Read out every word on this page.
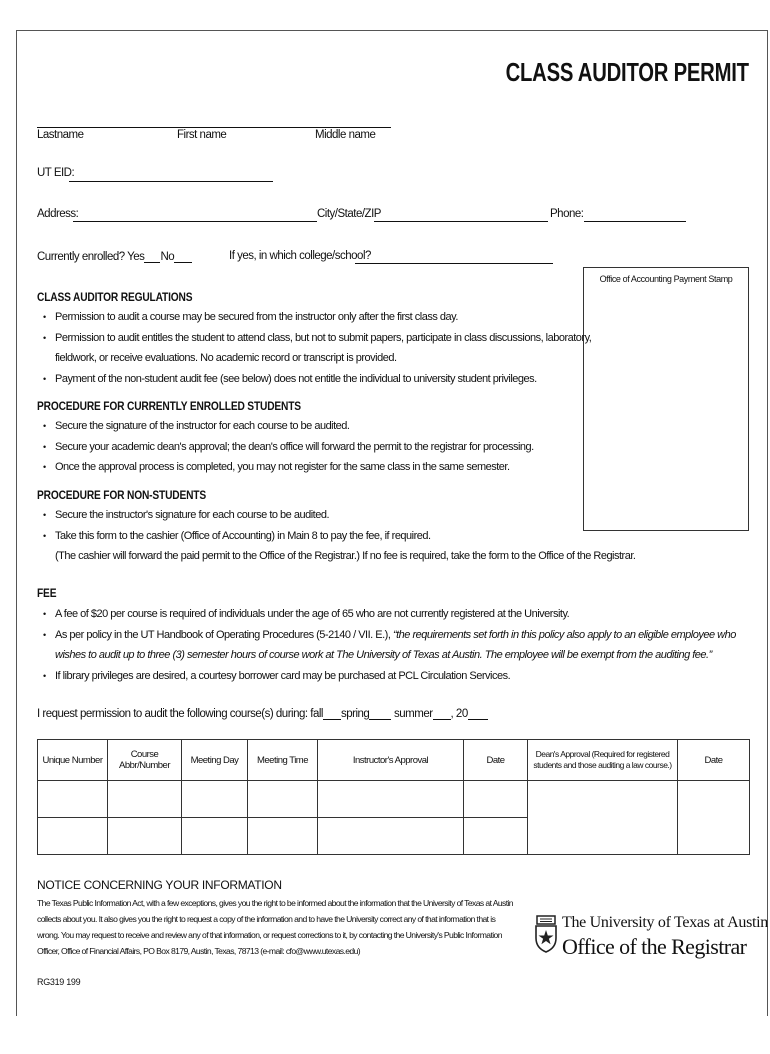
CLASS AUDITOR PERMIT
Lastname	First name	Middle name
UT EID:
Address:	City/State/ZIP	Phone:
Currently enrolled? Yes No	If yes, in which college/school?
Office of Accounting Payment Stamp
CLASS AUDITOR REGULATIONS
• Permission to audit a course may be secured from the instructor only after the first class day.
• Permission to audit entitles the student to attend class, but not to submit papers, participate in class discussions, laboratory,
fieldwork, or receive evaluations. No academic record or transcript is provided.
• Payment of the non-student audit fee (see below) does not entitle the individual to university student privileges.
PROCEDURE FOR CURRENTLY ENROLLED STUDENTS
• Secure the signature of the instructor for each course to be audited.
• Secure your academic dean's approval; the dean's office will forward the permit to the registrar for processing.
• Once the approval process is completed, you may not register for the same class in the same semester.
PROCEDURE FOR NON-STUDENTS
• Secure the instructor's signature for each course to be audited.
• Take this form to the cashier (Office of Accounting) in Main 8 to pay the fee, if required.
(The cashier will forward the paid permit to the Office of the Registrar.) If no fee is required, take the form to the Office of the Registrar.
FEE
• A fee of $20 per course is required of individuals under the age of 65 who are not currently registered at the University.
• As per policy in the UT Handbook of Operating Procedures (5-2140 / VII. E.), “the requirements set forth in this policy also apply to an eligible employee who
wishes to audit up to three (3) semester hours of course work at The University of Texas at Austin. The employee will be exempt from the auditing fee.”
• If library privileges are desired, a courtesy borrower card may be purchased at PCL Circulation Services.
I request permission to audit the following course(s) during: fall spring summer , 20
Unique Number	Course Abbr/Number	Meeting Day	Meeting Time	Instructor's Approval	Date	Dean's Approval (Required for registered students and those auditing a law course.)	Date

NOTICE CONCERNING YOUR INFORMATION
The Texas Public Information Act, with a few exceptions, gives you the right to be informed about the information that the University of Texas at Austin collects about you. It also gives you the right to request a copy of the information and to have the University correct any of that information that is wrong. You may request to receive and review any of that information, or request corrections to it, by contacting the University's Public Information Officer, Office of Financial Affairs, PO Box 8179, Austin, Texas, 78713 (e-mail: cfo@www.utexas.edu)
The University of Texas at Austin
Office of the Registrar
RG319 199
